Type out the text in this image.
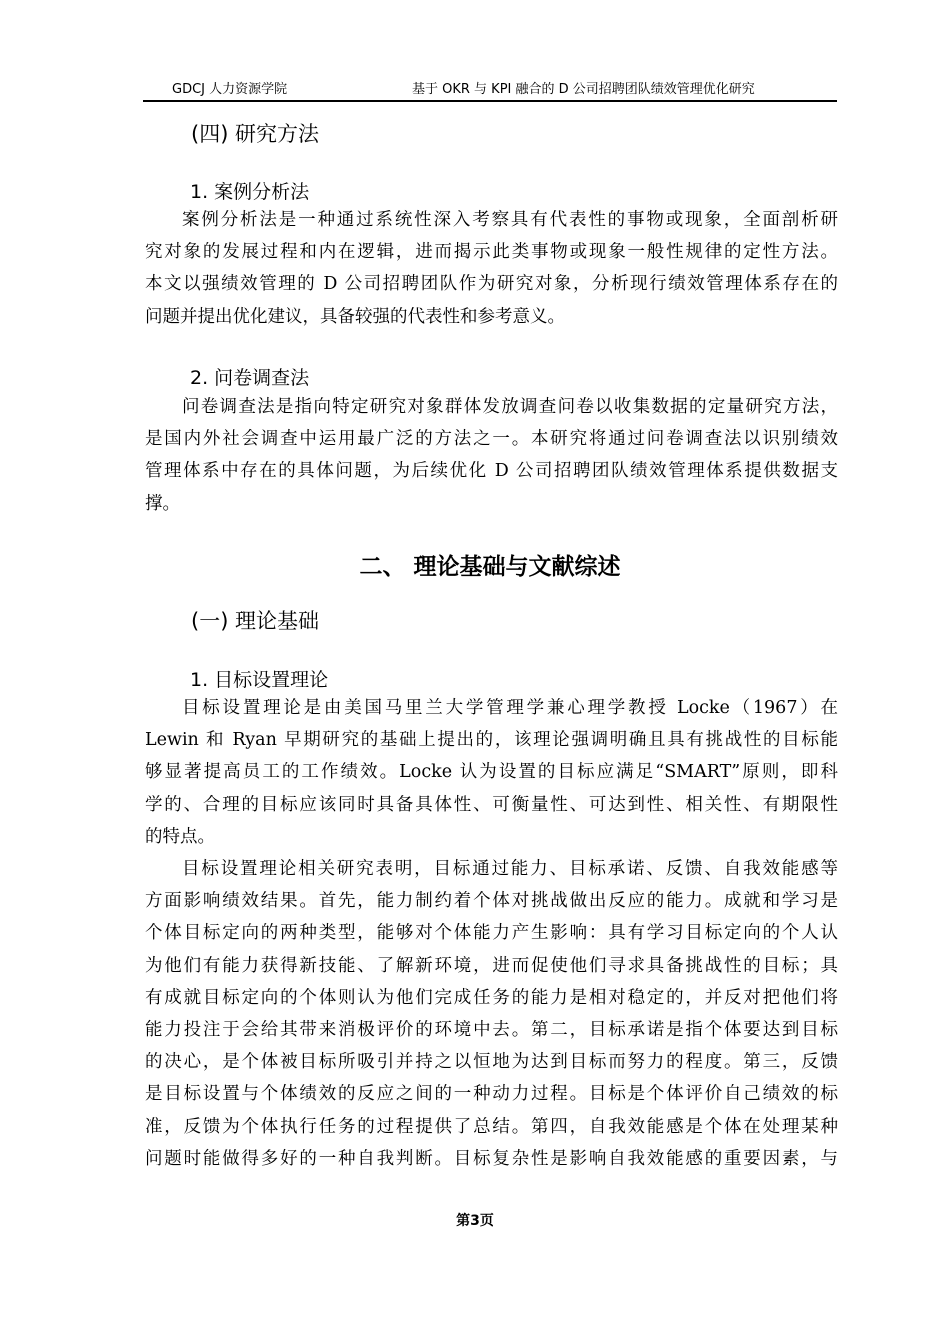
GDCJ 人力资源学院	基于 OKR 与 KPI 融合的 D 公司招聘团队绩效管理优化研究
(四) 研究方法
1. 案例分析法
案例分析法是一种通过系统性深入考察具有代表性的事物或现象，全面剖析研
究对象的发展过程和内在逻辑，进而揭示此类事物或现象一般性规律的定性方法。
本文以强绩效管理的 D 公司招聘团队作为研究对象，分析现行绩效管理体系存在的
问题并提出优化建议，具备较强的代表性和参考意义。
2. 问卷调查法
问卷调查法是指向特定研究对象群体发放调查问卷以收集数据的定量研究方法，
是国内外社会调查中运用最广泛的方法之一。本研究将通过问卷调查法以识别绩效
管理体系中存在的具体问题，为后续优化 D 公司招聘团队绩效管理体系提供数据支
撑。
二、 理论基础与文献综述
(一) 理论基础
1. 目标设置理论
目标设置理论是由美国马里兰大学管理学兼心理学教授 Locke（1967）在
Lewin 和 Ryan 早期研究的基础上提出的，该理论强调明确且具有挑战性的目标能
够显著提高员工的工作绩效。Locke 认为设置的目标应满足“SMART”原则，即科
学的、合理的目标应该同时具备具体性、可衡量性、可达到性、相关性、有期限性
的特点。
目标设置理论相关研究表明，目标通过能力、目标承诺、反馈、自我效能感等
方面影响绩效结果。首先，能力制约着个体对挑战做出反应的能力。成就和学习是
个体目标定向的两种类型，能够对个体能力产生影响：具有学习目标定向的个人认
为他们有能力获得新技能、了解新环境，进而促使他们寻求具备挑战性的目标；具
有成就目标定向的个体则认为他们完成任务的能力是相对稳定的，并反对把他们将
能力投注于会给其带来消极评价的环境中去。第二，目标承诺是指个体要达到目标
的决心，是个体被目标所吸引并持之以恒地为达到目标而努力的程度。第三，反馈
是目标设置与个体绩效的反应之间的一种动力过程。目标是个体评价自己绩效的标
准，反馈为个体执行任务的过程提供了总结。第四，自我效能感是个体在处理某种
问题时能做得多好的一种自我判断。目标复杂性是影响自我效能感的重要因素，与
第3页
